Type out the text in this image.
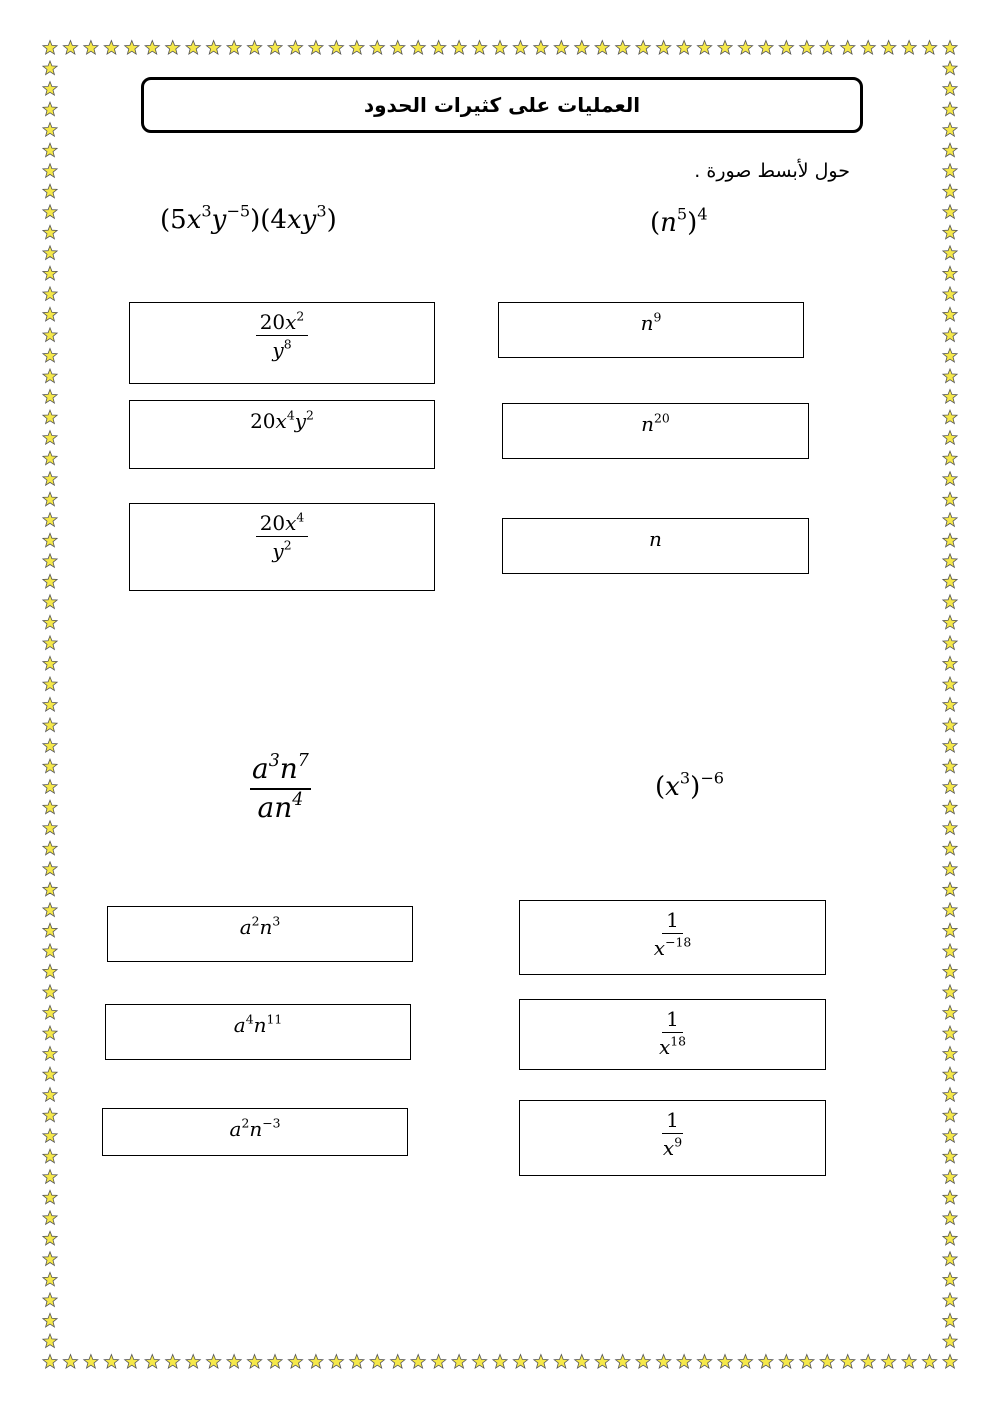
العمليات على كثيرات الحدود
حول لأبسط صورة .
$(5x^3y^{-5})(4xy^3)$
$\frac{20x^2}{y^8}$
$20x^4y^2$
$\frac{20x^4}{y^2}$
$(n^5)^4$
$n^9$
$n^{20}$
n
$\frac{a^3n^7}{an^4}$
$a^2n^3$
$a^4n^{11}$
$a^2n^{-3}$
$(x^3)^{-6}$
$\frac{1}{x^{-18}}$
$\frac{1}{x^{18}}$
$\frac{1}{x^9}$
